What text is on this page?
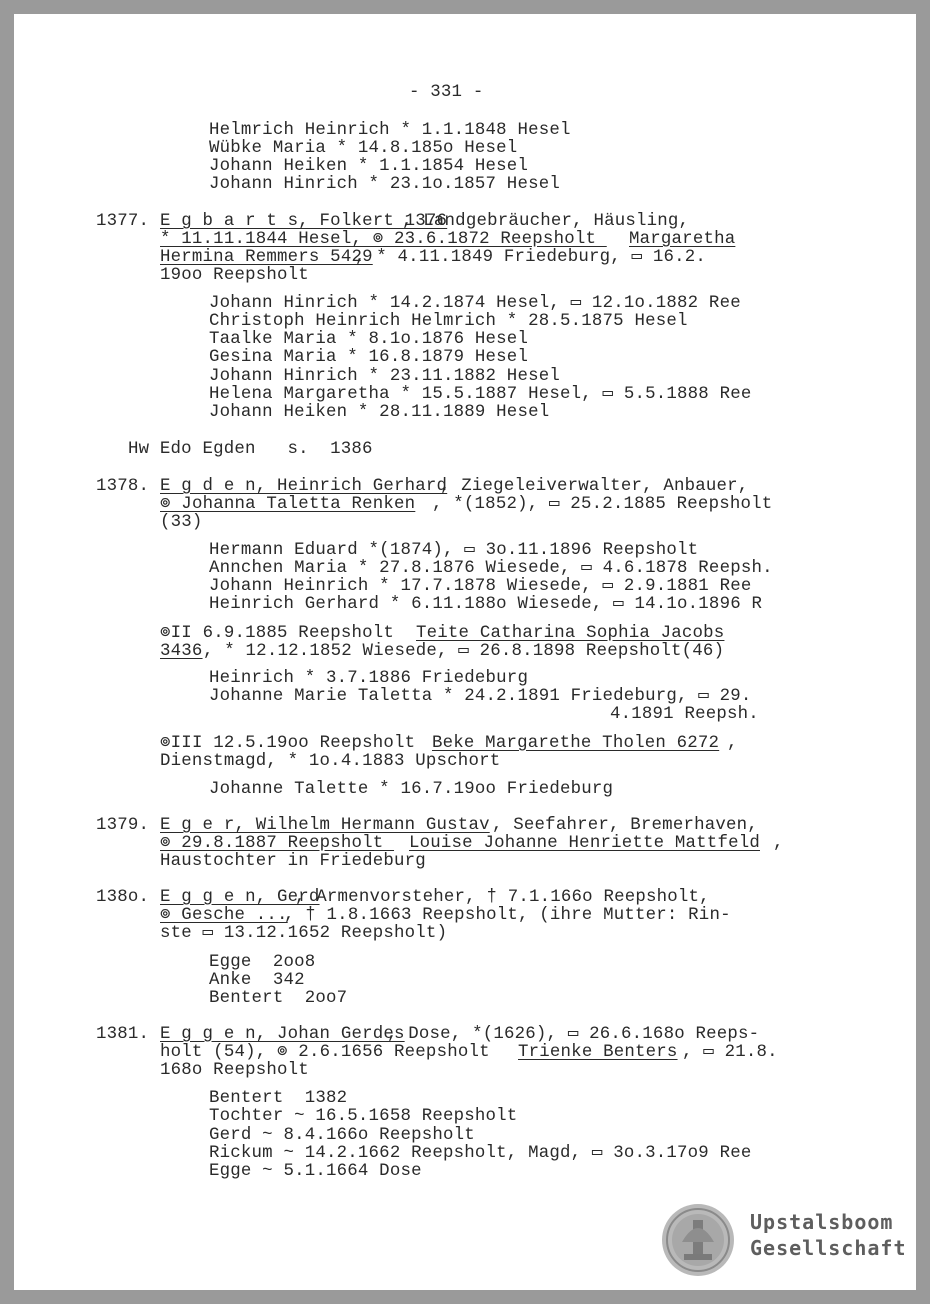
Helmrich Heinrich * 1.1.1848 Hesel
Wübke Maria * 14.8.185o Hesel
Johann Heiken * 1.1.1854 Hesel
Johann Hinrich * 23.1o.1857 Hesel
1377. E g b a r t s, Folkert 1376
, Landgebräucher, Häusling,
* 11.11.1844 Hesel, ⊚ 23.6.1872 Reepsholt Margaretha
Hermina Remmers 5429
, * 4.11.1849 Friedeburg, ▭ 16.2.
19oo Reepsholt
Johann Hinrich * 14.2.1874 Hesel, ▭ 12.1o.1882 Ree
Christoph Heinrich Helmrich * 28.5.1875 Hesel
Taalke Maria * 8.1o.1876 Hesel
Gesina Maria * 16.8.1879 Hesel
Johann Hinrich * 23.11.1882 Hesel
Helena Margaretha * 15.5.1887 Hesel, ▭ 5.5.1888 Ree
Johann Heiken * 28.11.1889 Hesel
Hw Edo Egden   s.  1386
1378. E g d e n, Heinrich Gerhard
, Ziegeleiverwalter, Anbauer,
⊚ Johanna Taletta Renken , *(1852), ▭ 25.2.1885 Reepsholt
(33)
Hermann Eduard *(1874), ▭ 3o.11.1896 Reepsholt
Annchen Maria * 27.8.1876 Wiesede, ▭ 4.6.1878 Reepsh.
Johann Heinrich * 17.7.1878 Wiesede, ▭ 2.9.1881 Ree
Heinrich Gerhard * 6.11.188o Wiesede, ▭ 14.1o.1896 R
⊚II 6.9.1885 Reepsholt Teite Catharina Sophia Jacobs
3436 , * 12.12.1852 Wiesede, ▭ 26.8.1898 Reepsholt(46)
Heinrich * 3.7.1886 Friedeburg
Johanne Marie Taletta * 24.2.1891 Friedeburg, ▭ 29.
4.1891 Reepsh.
⊚III 12.5.19oo Reepsholt Beke Margarethe Tholen 6272 ,
Dienstmagd, * 1o.4.1883 Upschort
Johanne Talette * 16.7.19oo Friedeburg
1379. E g e r, Wilhelm Hermann Gustav , Seefahrer, Bremerhaven,
⊚ 29.8.1887 Reepsholt Louise Johanne Henriette Mattfeld ,
Haustochter in Friedeburg
138o. E g g e n, Gerd
, Armenvorsteher, † 7.1.166o Reepsholt,
⊚ Gesche ...
, † 1.8.1663 Reepsholt, (ihre Mutter: Rin-
ste ▭ 13.12.1652 Reepsholt)
Egge  2oo8
Anke  342
Bentert  2oo7
1381. E g g e n, Johan Gerdes
, Dose, *(1626), ▭ 26.6.168o Reeps-
holt (54), ⊚ 2.6.1656 Reepsholt Trienke Benters , ▭ 21.8.
168o Reepsholt
Bentert  1382
Tochter ~ 16.5.1658 Reepsholt
Gerd ~ 8.4.166o Reepsholt
Rickum ~ 14.2.1662 Reepsholt, Magd, ▭ 3o.3.17o9 Ree
Egge ~ 5.1.1664 Dose
- 331 -
Upstalsboom
Gesellschaft
